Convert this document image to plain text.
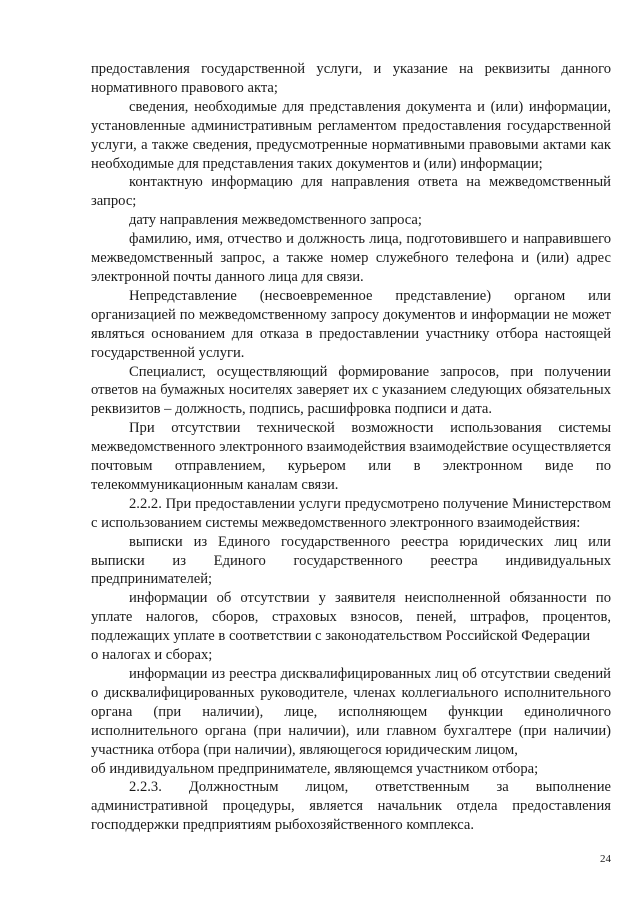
предоставления государственной услуги, и указание на реквизиты данного нормативного правового акта;

сведения, необходимые для представления документа и (или) информации, установленные административным регламентом предоставления государственной услуги, а также сведения, предусмотренные нормативными правовыми актами как необходимые для представления таких документов и (или) информации;

контактную информацию для направления ответа на межведомственный запрос;

дату направления межведомственного запроса;

фамилию, имя, отчество и должность лица, подготовившего и направившего межведомственный запрос, а также номер служебного телефона и (или) адрес электронной почты данного лица для связи.

Непредставление (несвоевременное представление) органом или организацией по межведомственному запросу документов и информации не может являться основанием для отказа в предоставлении участнику отбора настоящей государственной услуги.

Специалист, осуществляющий формирование запросов, при получении ответов на бумажных носителях заверяет их с указанием следующих обязательных реквизитов – должность, подпись, расшифровка подписи и дата.

При отсутствии технической возможности использования системы межведомственного электронного взаимодействия взаимодействие осуществляется почтовым отправлением, курьером или в электронном виде по телекоммуникационным каналам связи.

2.2.2. При предоставлении услуги предусмотрено получение Министерством с использованием системы межведомственного электронного взаимодействия:

выписки из Единого государственного реестра юридических лиц или выписки из Единого государственного реестра индивидуальных предпринимателей;

информации об отсутствии у заявителя неисполненной обязанности по уплате налогов, сборов, страховых взносов, пеней, штрафов, процентов, подлежащих уплате в соответствии с законодательством Российской Федерации

о налогах и сборах;

информации из реестра дисквалифицированных лиц об отсутствии сведений о дисквалифицированных руководителе, членах коллегиального исполнительного органа (при наличии), лице, исполняющем функции единоличного исполнительного органа (при наличии), или главном бухгалтере (при наличии) участника отбора (при наличии), являющегося юридическим лицом,

об индивидуальном предпринимателе, являющемся участником отбора;

2.2.3. Должностным лицом, ответственным за выполнение административной процедуры, является начальник отдела предоставления господдержки предприятиям рыбохозяйственного комплекса.

24
